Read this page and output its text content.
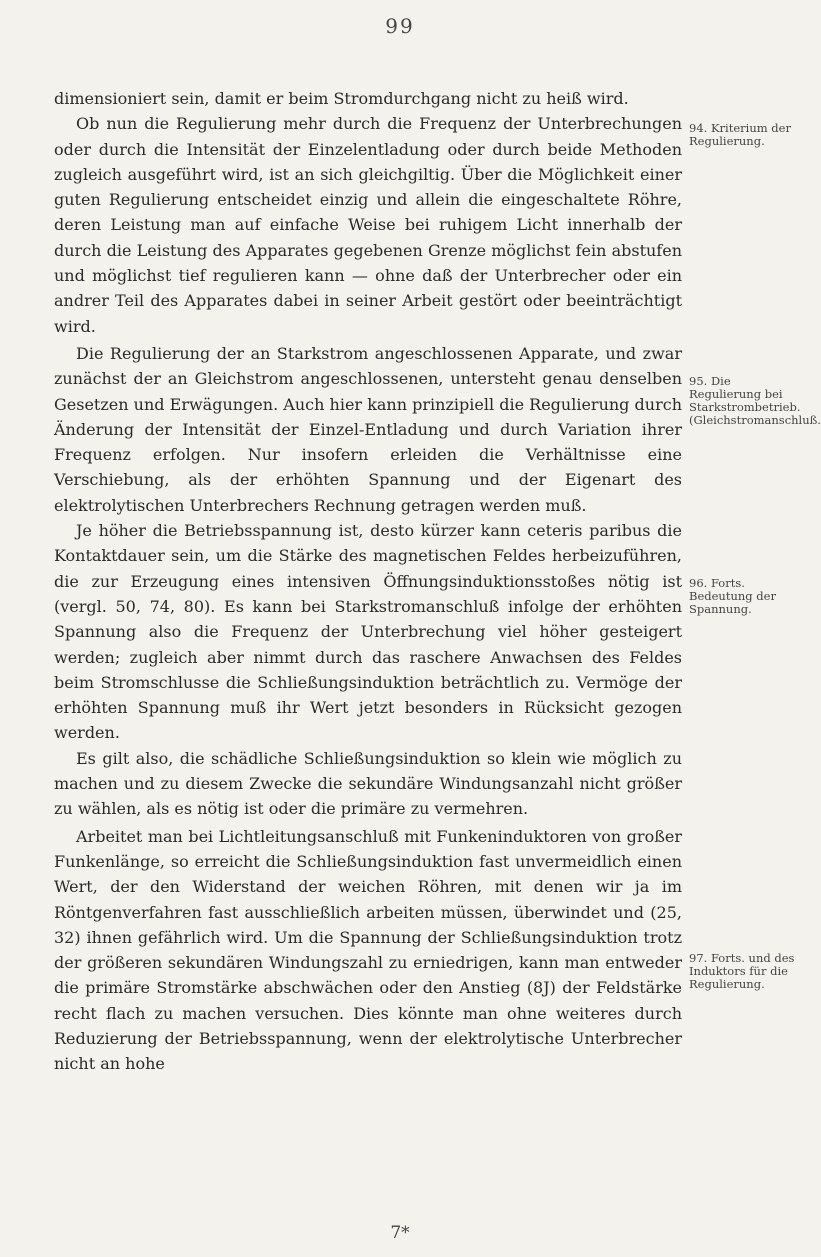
99

dimensioniert sein, damit er beim Stromdurchgang nicht zu heiß wird.

Ob nun die Regulierung mehr durch die Frequenz der Unterbrechungen oder durch die Intensität der Einzelentladung oder durch beide Methoden zugleich ausgeführt wird, ist an sich gleichgiltig. Über die Möglichkeit einer guten Regulierung entscheidet einzig und allein die eingeschaltete Röhre, deren Leistung man auf einfache Weise bei ruhigem Licht innerhalb der durch die Leistung des Apparates gegebenen Grenze möglichst fein abstufen und möglichst tief regulieren kann — ohne daß der Unterbrecher oder ein andrer Teil des Apparates dabei in seiner Arbeit gestört oder beeinträchtigt wird.

Die Regulierung der an Starkstrom angeschlossenen Apparate, und zwar zunächst der an Gleichstrom angeschlossenen, untersteht genau denselben Gesetzen und Erwägungen. Auch hier kann prinzipiell die Regulierung durch Änderung der Intensität der Einzel-Entladung und durch Variation ihrer Frequenz erfolgen. Nur insofern erleiden die Verhältnisse eine Verschiebung, als der erhöhten Spannung und der Eigenart des elektrolytischen Unterbrechers Rechnung getragen werden muß.

Je höher die Betriebsspannung ist, desto kürzer kann ceteris paribus die Kontaktdauer sein, um die Stärke des magnetischen Feldes herbeizuführen, die zur Erzeugung eines intensiven Öffnungsinduktionsstoßes nötig ist (vergl. 50, 74, 80). Es kann bei Starkstromanschluß infolge der erhöhten Spannung also die Frequenz der Unterbrechung viel höher gesteigert werden; zugleich aber nimmt durch das raschere Anwachsen des Feldes beim Stromschlusse die Schließungsinduktion beträchtlich zu. Vermöge der erhöhten Spannung muß ihr Wert jetzt besonders in Rücksicht gezogen werden.

Es gilt also, die schädliche Schließungsinduktion so klein wie möglich zu machen und zu diesem Zwecke die sekundäre Windungsanzahl nicht größer zu wählen, als es nötig ist oder die primäre zu vermehren.

Arbeitet man bei Lichtleitungsanschluß mit Funkeninduktoren von großer Funkenlänge, so erreicht die Schließungsinduktion fast unvermeidlich einen Wert, der den Widerstand der weichen Röhren, mit denen wir ja im Röntgenverfahren fast ausschließlich arbeiten müssen, überwindet und (25, 32) ihnen gefährlich wird. Um die Spannung der Schließungsinduktion trotz der größeren sekundären Windungszahl zu erniedrigen, kann man entweder die primäre Stromstärke abschwächen oder den Anstieg (8J) der Feldstärke recht flach zu machen versuchen. Dies könnte man ohne weiteres durch Reduzierung der Betriebsspannung, wenn der elektrolytische Unterbrecher nicht an hohe

94. Kriterium der Regulierung.
95. Die Regulierung bei Starkstrombetrieb. (Gleichstromanschluß.
96. Forts. Bedeutung der Spannung.
97. Forts. und des Induktors für die Regulierung.
7*
